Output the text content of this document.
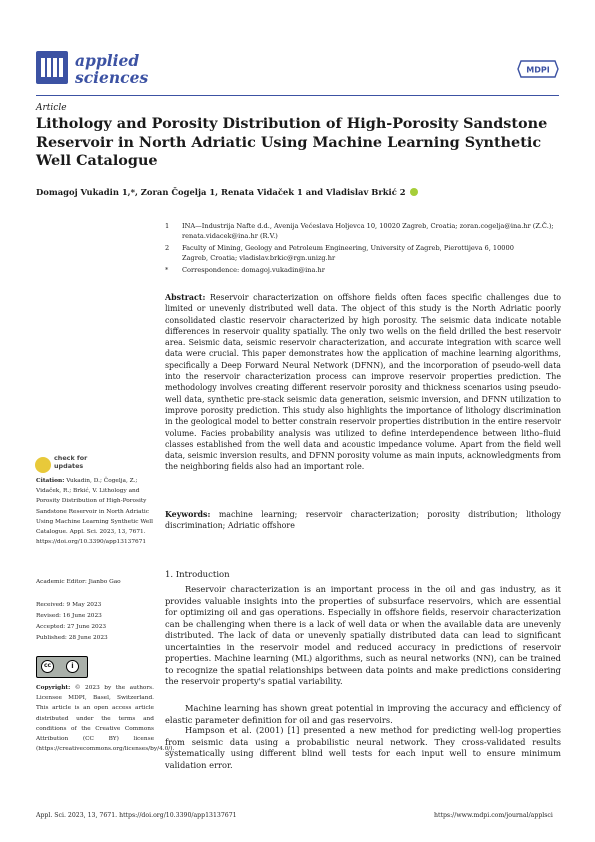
applied
sciences	MDPI
Article
Lithology and Porosity Distribution of High-Porosity Sandstone Reservoir in North Adriatic Using Machine Learning Synthetic Well Catalogue
Domagoj Vukadin 1,*, Zoran Čogelja 1, Renata Vidaček 1 and Vladislav Brkić 2
1 INA—Industrija Nafte d.d., Avenija Većeslava Holjevca 10, 10020 Zagreb, Croatia; zoran.cogelja@ina.hr (Z.Č.); renata.vidacek@ina.hr (R.V.)
2 Faculty of Mining, Geology and Petroleum Engineering, University of Zagreb, Pierottijeva 6, 10000 Zagreb, Croatia; vladislav.brkic@rgn.unizg.hr
* Correspondence: domagoj.vukadin@ina.hr
Abstract: Reservoir characterization on offshore fields often faces specific challenges due to limited or unevenly distributed well data. The object of this study is the North Adriatic poorly consolidated clastic reservoir characterized by high porosity. The seismic data indicate notable differences in reservoir quality spatially. The only two wells on the field drilled the best reservoir area. Seismic data, seismic reservoir characterization, and accurate integration with scarce well data were crucial. This paper demonstrates how the application of machine learning algorithms, specifically a Deep Forward Neural Network (DFNN), and the incorporation of pseudo-well data into the reservoir characterization process can improve reservoir properties prediction. The methodology involves creating different reservoir porosity and thickness scenarios using pseudo-well data, synthetic pre-stack seismic data generation, seismic inversion, and DFNN utilization to improve porosity prediction. This study also highlights the importance of lithology discrimination in the geological model to better constrain reservoir properties distribution in the entire reservoir volume. Facies probability analysis was utilized to define interdependence between litho–fluid classes established from the well data and acoustic impedance volume. Apart from the field well data, seismic inversion results, and DFNN porosity volume as main inputs, acknowledgments from the neighboring fields also had an important role.
Keywords: machine learning; reservoir characterization; porosity distribution; lithology discrimination; Adriatic offshore
1. Introduction
Reservoir characterization is an important process in the oil and gas industry, as it provides valuable insights into the properties of subsurface reservoirs, which are essential for optimizing oil and gas operations. Especially in offshore fields, reservoir characterization can be challenging when there is a lack of well data or when the available data are unevenly distributed. The lack of data or unevenly spatially distributed data can lead to significant uncertainties in the reservoir model and reduced accuracy in predictions of reservoir properties. Machine learning (ML) algorithms, such as neural networks (NN), can be trained to recognize the spatial relationships between data points and make predictions considering the reservoir property's spatial variability.
Machine learning has shown great potential in improving the accuracy and efficiency of elastic parameter definition for oil and gas reservoirs.
Hampson et al. (2001) [1] presented a new method for predicting well-log properties from seismic data using a probabilistic neural network. They cross-validated results systematically using different blind well tests for each input well to ensure minimum validation error.
check for
updates
Citation: Vukadin, D.; Čogelja, Z.; Vidaček, R.; Brkić, V. Lithology and Porosity Distribution of High-Porosity Sandstone Reservoir in North Adriatic Using Machine Learning Synthetic Well Catalogue. Appl. Sci. 2023, 13, 7671. https://doi.org/10.3390/app13137671
Academic Editor: Jianbo Gao
Received: 9 May 2023
Revised: 16 June 2023
Accepted: 27 June 2023
Published: 28 June 2023
cc	i
Copyright: © 2023 by the authors. Licensee MDPI, Basel, Switzerland. This article is an open access article distributed under the terms and conditions of the Creative Commons Attribution (CC BY) license (https://creativecommons.org/licenses/by/4.0/).
Appl. Sci. 2023, 13, 7671. https://doi.org/10.3390/app13137671	https://www.mdpi.com/journal/applsci
